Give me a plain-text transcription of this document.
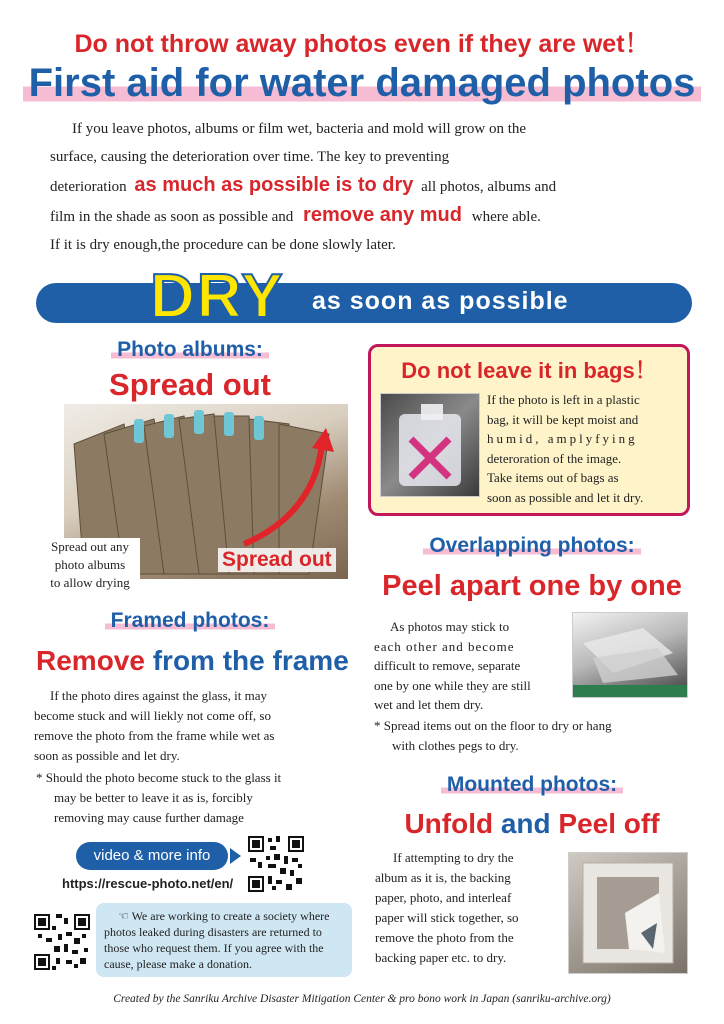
Do not throw away photos even if they are wet！
First aid for water damaged photos
If you leave photos, albums or film wet, bacteria and mold will grow on the
surface, causing the deterioration over time. The key to preventing
deterioration as much as possible is to dry all photos, albums and
film in the shade as soon as possible and remove any mud where able.
If it is dry enough,the procedure can be done slowly later.
DRY as soon as possible
Photo albums:
Spread out
Spread out any
photo albums
to allow drying
Spread out
Do not leave it in bags！
If the photo is left in a plastic
bag, it will be kept moist and
humid, amplyfying
deteroration of the image.
Take items out of bags as
soon as possible and let it dry.
Overlapping photos:
Peel apart one by one
As photos may stick to
each other and become
difficult to remove, separate
one by one while they are still
wet and let them dry.
* Spread items out on the floor to dry or hang
with clothes pegs to dry.
Framed photos:
Remove from the frame
If the photo dires against the glass, it may
become stuck and will liekly not come off, so
remove the photo from the frame while wet as
soon as possible and let dry.
* Should the photo become stuck to the glass it
may be better to leave it as is, forcibly
removing may cause further damage
Mounted photos:
Unfold and Peel off
If attempting to dry the
album as it is, the backing
paper, photo, and interleaf
paper will stick together, so
remove the photo from the
backing paper etc. to dry.
video & more info
https://rescue-photo.net/en/
☜ We are working to create a society where
photos leaked during disasters are returned to
those who request them. If you agree with the
cause, please make a donation.
Created by the Sanriku Archive Disaster Mitigation Center & pro bono work in Japan (sanriku-archive.org)
